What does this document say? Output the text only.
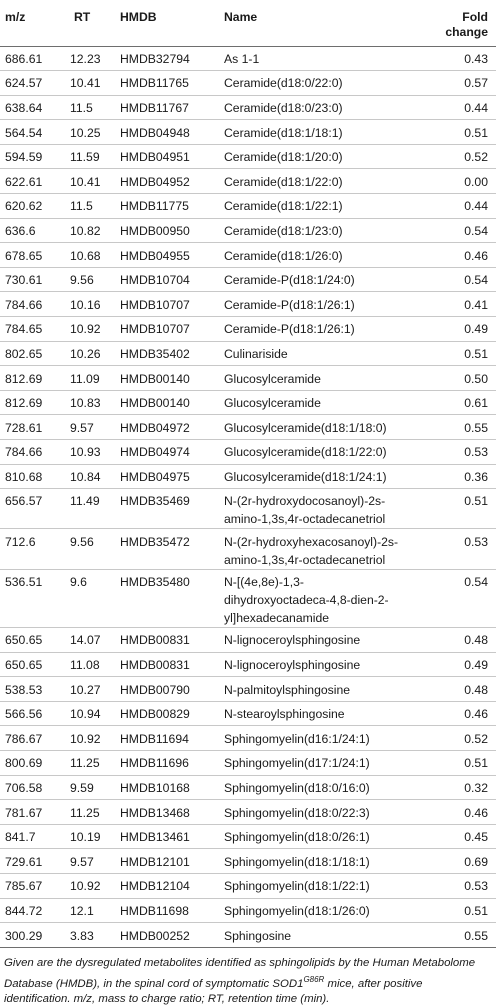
m/z	RT	HMDB	Name	Fold change

686.61	12.23	HMDB32794	As 1-1	0.43

624.57	10.41	HMDB11765	Ceramide(d18:0/22:0)	0.57

638.64	11.5	HMDB11767	Ceramide(d18:0/23:0)	0.44

564.54	10.25	HMDB04948	Ceramide(d18:1/18:1)	0.51

594.59	11.59	HMDB04951	Ceramide(d18:1/20:0)	0.52

622.61	10.41	HMDB04952	Ceramide(d18:1/22:0)	0.00

620.62	11.5	HMDB11775	Ceramide(d18:1/22:1)	0.44

636.6	10.82	HMDB00950	Ceramide(d18:1/23:0)	0.54

678.65	10.68	HMDB04955	Ceramide(d18:1/26:0)	0.46

730.61	9.56	HMDB10704	Ceramide-P(d18:1/24:0)	0.54

784.66	10.16	HMDB10707	Ceramide-P(d18:1/26:1)	0.41

784.65	10.92	HMDB10707	Ceramide-P(d18:1/26:1)	0.49

802.65	10.26	HMDB35402	Culinariside	0.51

812.69	11.09	HMDB00140	Glucosylceramide	0.50

812.69	10.83	HMDB00140	Glucosylceramide	0.61

728.61	9.57	HMDB04972	Glucosylceramide(d18:1/18:0)	0.55

784.66	10.93	HMDB04974	Glucosylceramide(d18:1/22:0)	0.53

810.68	10.84	HMDB04975	Glucosylceramide(d18:1/24:1)	0.36

656.57	11.49	HMDB35469	N-(2r-hydroxydocosanoyl)-2s-
amino-1,3s,4r-octadecanetriol	0.51

712.6	9.56	HMDB35472	N-(2r-hydroxyhexacosanoyl)-2s-
amino-1,3s,4r-octadecanetriol	0.53

536.51	9.6	HMDB35480	N-[(4e,8e)-1,3-
dihydroxyoctadeca-4,8-dien-2-
yl]hexadecanamide	0.54

650.65	14.07	HMDB00831	N-lignoceroylsphingosine	0.48

650.65	11.08	HMDB00831	N-lignoceroylsphingosine	0.49

538.53	10.27	HMDB00790	N-palmitoylsphingosine	0.48

566.56	10.94	HMDB00829	N-stearoylsphingosine	0.46

786.67	10.92	HMDB11694	Sphingomyelin(d16:1/24:1)	0.52

800.69	11.25	HMDB11696	Sphingomyelin(d17:1/24:1)	0.51

706.58	9.59	HMDB10168	Sphingomyelin(d18:0/16:0)	0.32

781.67	11.25	HMDB13468	Sphingomyelin(d18:0/22:3)	0.46

841.7	10.19	HMDB13461	Sphingomyelin(d18:0/26:1)	0.45

729.61	9.57	HMDB12101	Sphingomyelin(d18:1/18:1)	0.69

785.67	10.92	HMDB12104	Sphingomyelin(d18:1/22:1)	0.53

844.72	12.1	HMDB11698	Sphingomyelin(d18:1/26:0)	0.51

300.29	3.83	HMDB00252	Sphingosine	0.55
Given are the dysregulated metabolites identified as sphingolipids by the Human Metabolome Database (HMDB), in the spinal cord of symptomatic $SOD1^{G86R}$ mice, after positive identification. m/z, mass to charge ratio; RT, retention time (min).
